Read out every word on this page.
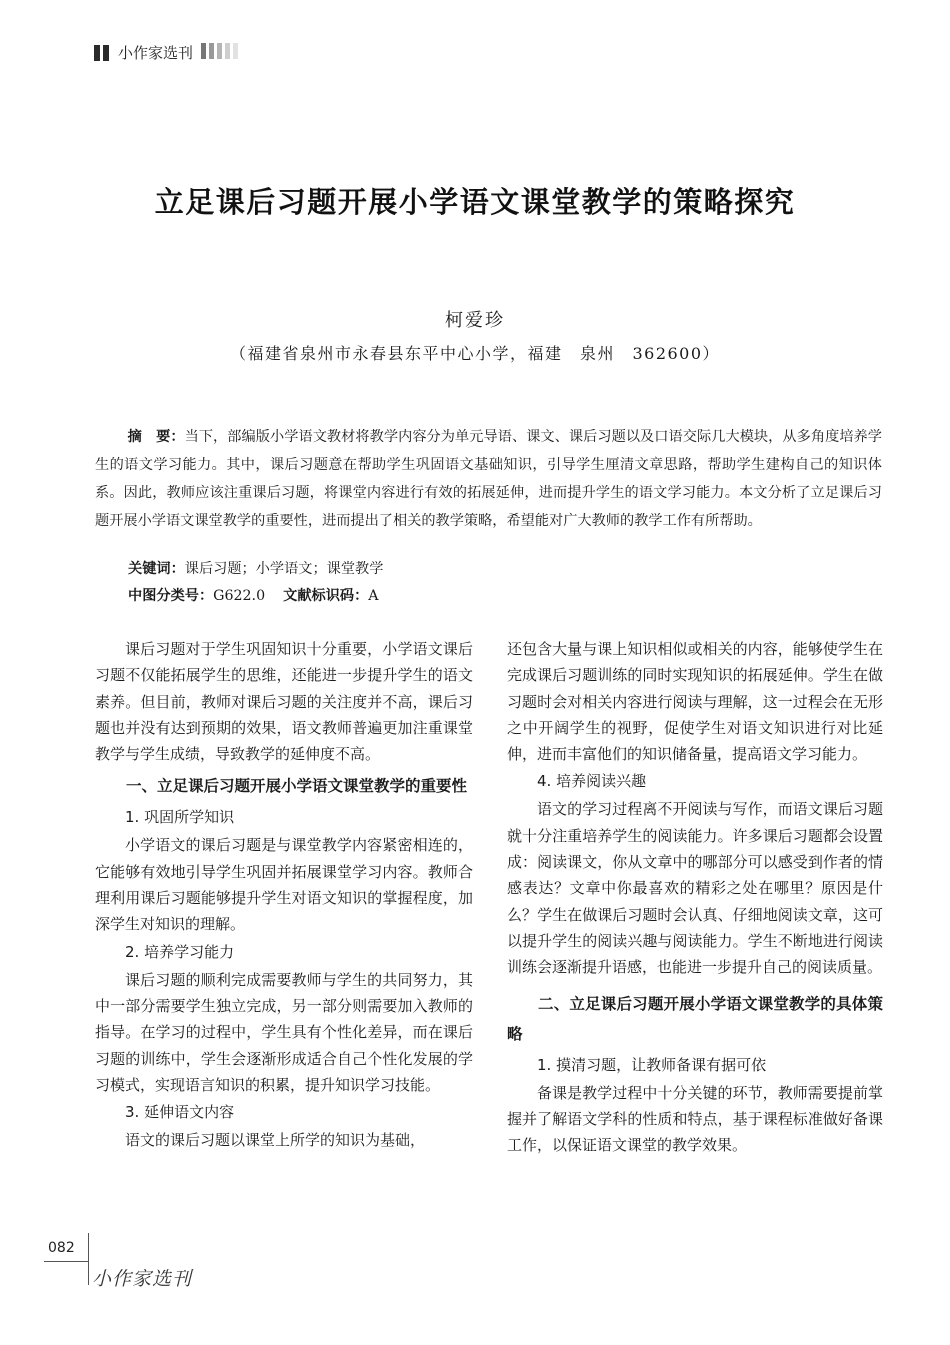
小作家选刊
立足课后习题开展小学语文课堂教学的策略探究
柯爱珍
（福建省泉州市永春县东平中心小学，福建　泉州　362600）

摘　要：当下，部编版小学语文教材将教学内容分为单元导语、课文、课后习题以及口语交际几大模块，从多角度培养学生的语文学习能力。其中，课后习题意在帮助学生巩固语文基础知识，引导学生厘清文章思路，帮助学生建构自己的知识体系。因此，教师应该注重课后习题，将课堂内容进行有效的拓展延伸，进而提升学生的语文学习能力。本文分析了立足课后习题开展小学语文课堂教学的重要性，进而提出了相关的教学策略，希望能对广大教师的教学工作有所帮助。

关键词：课后习题；小学语文；课堂教学
中图分类号：G622.0 文献标识码：A

课后习题对于学生巩固知识十分重要，小学语文课后习题不仅能拓展学生的思维，还能进一步提升学生的语文素养。但目前，教师对课后习题的关注度并不高，课后习题也并没有达到预期的效果，语文教师普遍更加注重课堂教学与学生成绩，导致教学的延伸度不高。

一、立足课后习题开展小学语文课堂教学的重要性
1. 巩固所学知识

小学语文的课后习题是与课堂教学内容紧密相连的，它能够有效地引导学生巩固并拓展课堂学习内容。教师合理利用课后习题能够提升学生对语文知识的掌握程度，加深学生对知识的理解。

2. 培养学习能力

课后习题的顺利完成需要教师与学生的共同努力，其中一部分需要学生独立完成，另一部分则需要加入教师的指导。在学习的过程中，学生具有个性化差异，而在课后习题的训练中，学生会逐渐形成适合自己个性化发展的学习模式，实现语言知识的积累，提升知识学习技能。

3. 延伸语文内容

语文的课后习题以课堂上所学的知识为基础，

还包含大量与课上知识相似或相关的内容，能够使学生在完成课后习题训练的同时实现知识的拓展延伸。学生在做习题时会对相关内容进行阅读与理解，这一过程会在无形之中开阔学生的视野，促使学生对语文知识进行对比延伸，进而丰富他们的知识储备量，提高语文学习能力。

4. 培养阅读兴趣

语文的学习过程离不开阅读与写作，而语文课后习题就十分注重培养学生的阅读能力。许多课后习题都会设置成：阅读课文，你从文章中的哪部分可以感受到作者的情感表达？文章中你最喜欢的精彩之处在哪里？原因是什么？学生在做课后习题时会认真、仔细地阅读文章，这可以提升学生的阅读兴趣与阅读能力。学生不断地进行阅读训练会逐渐提升语感，也能进一步提升自己的阅读质量。

二、立足课后习题开展小学语文课堂教学的具体策略
1. 摸清习题，让教师备课有据可依

备课是教学过程中十分关键的环节，教师需要提前掌握并了解语文学科的性质和特点，基于课程标准做好备课工作，以保证语文课堂的教学效果。

082
小作家选刊
